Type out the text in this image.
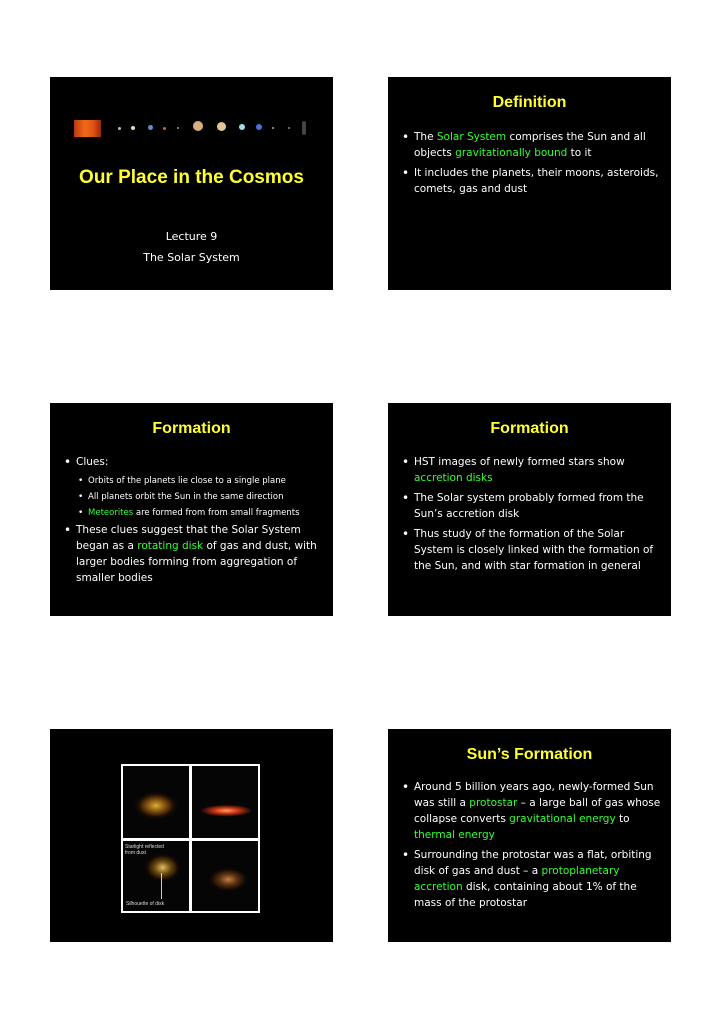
Our Place in the Cosmos
Lecture 9
The Solar System
Definition
• The Solar System comprises the Sun and all objects gravitationally bound to it
• It includes the planets, their moons, asteroids, comets, gas and dust
Formation
• Clues:
• Orbits of the planets lie close to a single plane
• All planets orbit the Sun in the same direction
• Meteorites are formed from from small fragments
• These clues suggest that the Solar System began as a rotating disk of gas and dust, with larger bodies forming from aggregation of smaller bodies
Formation
• HST images of newly formed stars show accretion disks
• The Solar system probably formed from the Sun’s accretion disk
• Thus study of the formation of the Solar System is closely linked with the formation of the Sun, and with star formation in general
Starlight reflected from dust
Silhouette of disk
Sun’s Formation
• Around 5 billion years ago, newly-formed Sun was still a protostar – a large ball of gas whose collapse converts gravitational energy to thermal energy
• Surrounding the protostar was a flat, orbiting disk of gas and dust – a protoplanetary accretion disk, containing about 1% of the mass of the protostar
